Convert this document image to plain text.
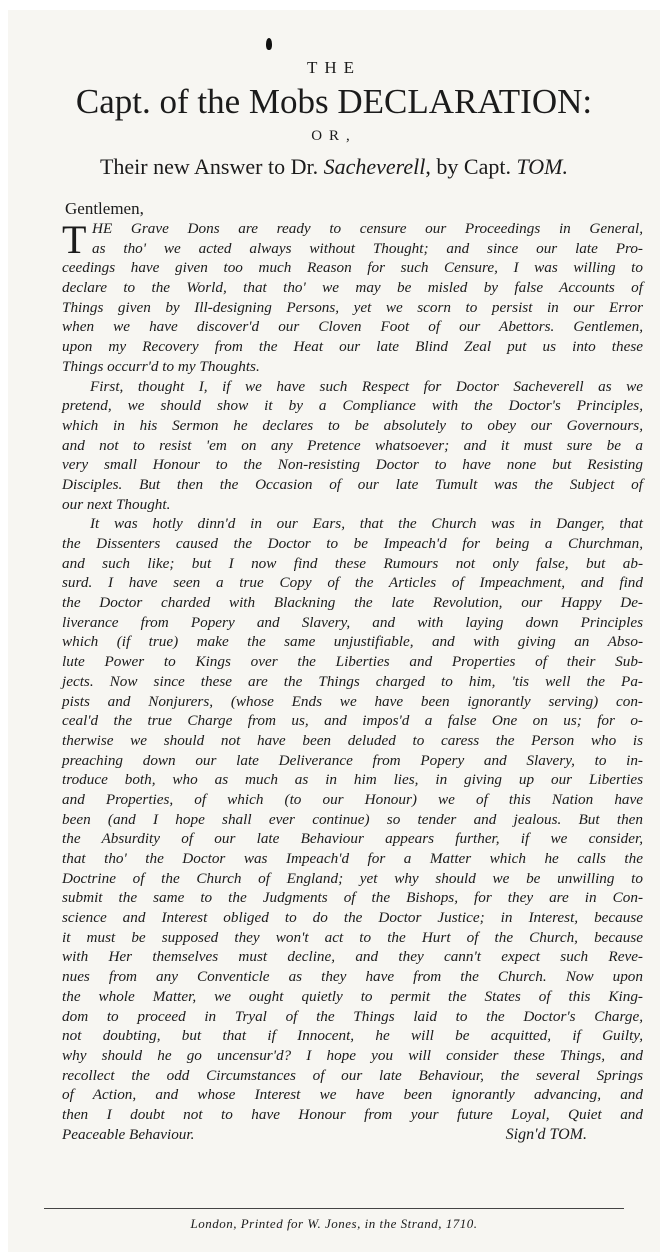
THE
Capt. of the Mobs DECLARATION:
OR,
Their new Answer to Dr. Sacheverell, by Capt. TOM.
Gentlemen,
T HE Grave Dons are ready to censure our Proceedings in General,
as tho' we acted always without Thought; and since our late Pro-
ceedings have given too much Reason for such Censure, I was willing to
declare to the World, that tho' we may be misled by false Accounts of
Things given by Ill-designing Persons, yet we scorn to persist in our Error
when we have discover'd our Cloven Foot of our Abettors. Gentlemen,
upon my Recovery from the Heat our late Blind Zeal put us into these
Things occurr'd to my Thoughts.
First, thought I, if we have such Respect for Doctor Sacheverell as we
pretend, we should show it by a Compliance with the Doctor's Principles,
which in his Sermon he declares to be absolutely to obey our Governours,
and not to resist 'em on any Pretence whatsoever; and it must sure be a
very small Honour to the Non-resisting Doctor to have none but Resisting
Disciples. But then the Occasion of our late Tumult was the Subject of
our next Thought.
It was hotly dinn'd in our Ears, that the Church was in Danger, that
the Dissenters caused the Doctor to be Impeach'd for being a Churchman,
and such like; but I now find these Rumours not only false, but ab-
surd. I have seen a true Copy of the Articles of Impeachment, and find
the Doctor charded with Blackning the late Revolution, our Happy De-
liverance from Popery and Slavery, and with laying down Principles
which (if true) make the same unjustifiable, and with giving an Abso-
lute Power to Kings over the Liberties and Properties of their Sub-
jects. Now since these are the Things charged to him, 'tis well the Pa-
pists and Nonjurers, (whose Ends we have been ignorantly serving) con-
ceal'd the true Charge from us, and impos'd a false One on us; for o-
therwise we should not have been deluded to caress the Person who is
preaching down our late Deliverance from Popery and Slavery, to in-
troduce both, who as much as in him lies, in giving up our Liberties
and Properties, of which (to our Honour) we of this Nation have
been (and I hope shall ever continue) so tender and jealous. But then
the Absurdity of our late Behaviour appears further, if we consider,
that tho' the Doctor was Impeach'd for a Matter which he calls the
Doctrine of the Church of England; yet why should we be unwilling to
submit the same to the Judgments of the Bishops, for they are in Con-
science and Interest obliged to do the Doctor Justice; in Interest, because
it must be supposed they won't act to the Hurt of the Church, because
with Her themselves must decline, and they cann't expect such Reve-
nues from any Conventicle as they have from the Church. Now upon
the whole Matter, we ought quietly to permit the States of this King-
dom to proceed in Tryal of the Things laid to the Doctor's Charge,
not doubting, but that if Innocent, he will be acquitted, if Guilty,
why should he go uncensur'd? I hope you will consider these Things, and
recollect the odd Circumstances of our late Behaviour, the several Springs
of Action, and whose Interest we have been ignorantly advancing, and
then I doubt not to have Honour from your future Loyal, Quiet and
Peaceable Behaviour.	Sign'd TOM.
London, Printed for W. Jones, in the Strand, 1710.
